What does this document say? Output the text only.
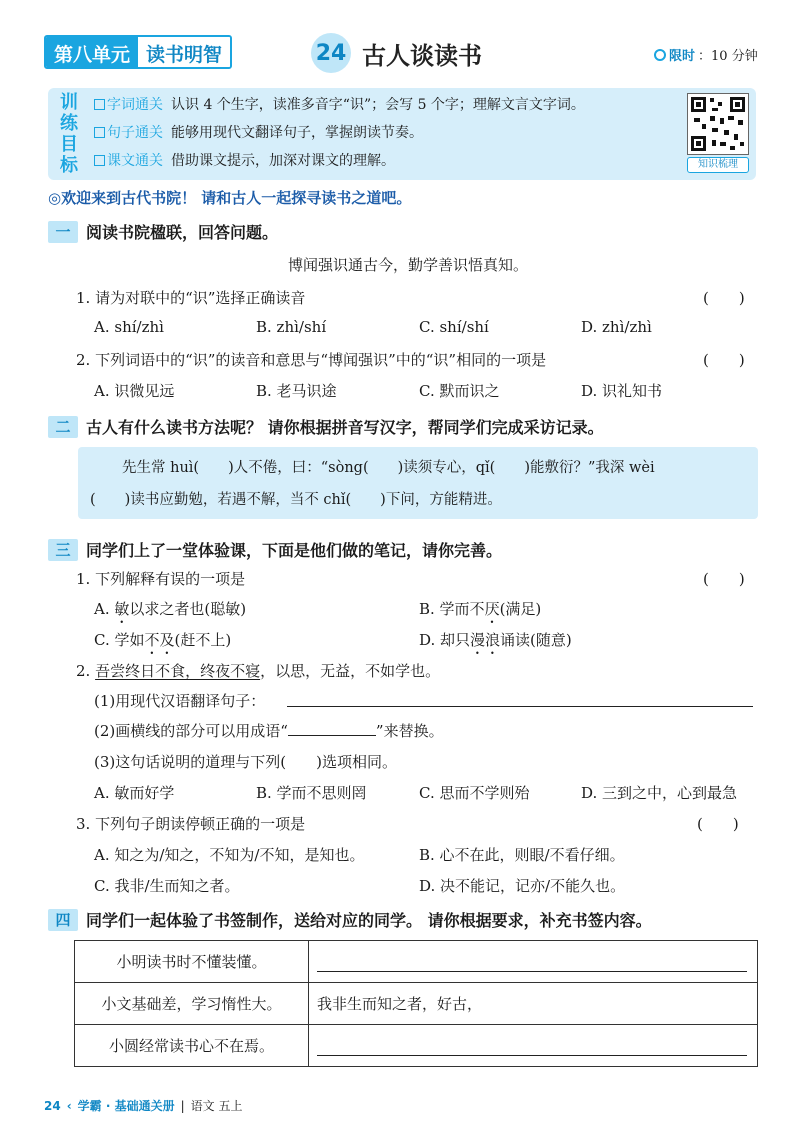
第八单元 读书明智	24 古人谈读书	限时 ：10 分钟
训
练
目
标
字词通关 认识 4 个生字，读准多音字“识”；会写 5 个字；理解文言文字词。
句子通关 能够用现代文翻译句子，掌握朗读节奏。
课文通关 借助课文提示，加深对课文的理解。	知识梳理
◎欢迎来到古代书院！ 请和古人一起探寻读书之道吧。
一 阅读书院楹联，回答问题。
博闻强识通古今，勤学善识悟真知。
1. 请为对联中的“识”选择正确读音	(　　)
A. shí/zhì	B. zhì/shí	C. shí/shí	D. zhì/zhì
2. 下列词语中的“识”的读音和意思与“博闻强识”中的“识”相同的一项是	(　　)
A. 识微见远	B. 老马识途	C. 默而识之	D. 识礼知书
二 古人有什么读书方法呢？ 请你根据拼音写汉字，帮同学们完成采访记录。
先生常 huì(　　)人不倦，曰：“sòng(　　)读须专心，qǐ(　　)能敷衍？”我深 wèi
(　　)读书应勤勉，若遇不解，当不 chǐ(　　)下问，方能精进。
三 同学们上了一堂体验课，下面是他们做的笔记，请你完善。
1. 下列解释有误的一项是	(　　)
A. 敏以求之者也(聪敏)	B. 学而不厌(满足)
C. 学如不及(赶不上)	D. 却只漫浪诵读(随意)
2. 吾尝终日不食，终夜不寝，以思，无益，不如学也。
(1)用现代汉语翻译句子：
(2)画横线的部分可以用成语“	”来替换。
(3)这句话说明的道理与下列(　　)选项相同。
A. 敏而好学	B. 学而不思则罔	C. 思而不学则殆	D. 三到之中，心到最急
3. 下列句子朗读停顿正确的一项是	(　　)
A. 知之为/知之，不知为/不知，是知也。	B. 心不在此，则眼/不看仔细。
C. 我非/生而知之者。	D. 决不能记，记亦/不能久也。
四 同学们一起体验了书签制作，送给对应的同学。 请你根据要求，补充书签内容。
小明读书时不懂装懂。	

小文基础差，学习惰性大。	我非生而知之者，好古，
小圆经常读书心不在焉。	
24 ‹ 学霸 · 基础通关册 | 语文 五上
